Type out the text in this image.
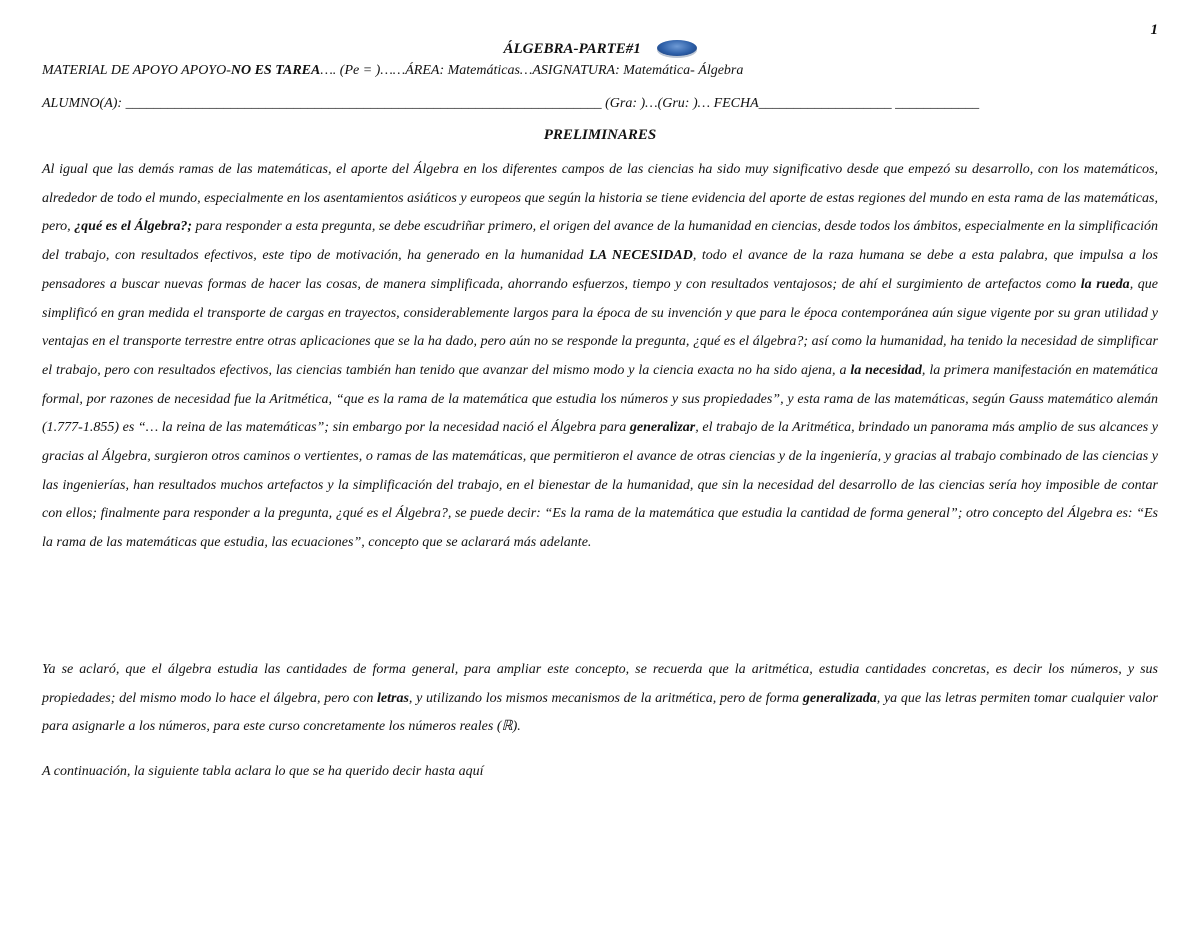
1
ÁLGEBRA-PARTE#1
MATERIAL DE APOYO APOYO-NO ES TAREA…. (Pe = )……ÁREA: Matemáticas…ASIGNATURA: Matemática- Álgebra
ALUMNO(A): ____________________________________________________________________ (Gra: )…(Gru: )… FECHA___________________ ____________
PRELIMINARES

Al igual que las demás ramas de las matemáticas, el aporte del Álgebra en los diferentes campos de las ciencias ha sido muy significativo desde que empezó su desarrollo, con los matemáticos, alrededor de todo el mundo, especialmente en los asentamientos asiáticos y europeos que según la historia se tiene evidencia del aporte de estas regiones del mundo en esta rama de las matemáticas, pero, ¿qué es el Álgebra?; para responder a esta pregunta, se debe escudriñar primero, el origen del avance de la humanidad en ciencias, desde todos los ámbitos, especialmente en la simplificación del trabajo, con resultados efectivos, este tipo de motivación, ha generado en la humanidad LA NECESIDAD, todo el avance de la raza humana se debe a esta palabra, que impulsa a los pensadores a buscar nuevas formas de hacer las cosas, de manera simplificada, ahorrando esfuerzos, tiempo y con resultados ventajosos; de ahí el surgimiento de artefactos como la rueda, que simplificó en gran medida el transporte de cargas en trayectos, considerablemente largos para la época de su invención y que para le época contemporánea aún sigue vigente por su gran utilidad y ventajas en el transporte terrestre entre otras aplicaciones que se la ha dado, pero aún no se responde la pregunta, ¿qué es el álgebra?; así como la humanidad, ha tenido la necesidad de simplificar el trabajo, pero con resultados efectivos, las ciencias también han tenido que avanzar del mismo modo y la ciencia exacta no ha sido ajena, a la necesidad, la primera manifestación en matemática formal, por razones de necesidad fue la Aritmética, “que es la rama de la matemática que estudia los números y sus propiedades”, y esta rama de las matemáticas, según Gauss matemático alemán (1.777-1.855) es “… la reina de las matemáticas”; sin embargo por la necesidad nació el Álgebra para generalizar, el trabajo de la Aritmética, brindado un panorama más amplio de sus alcances y gracias al Álgebra, surgieron otros caminos o vertientes, o ramas de las matemáticas, que permitieron el avance de otras ciencias y de la ingeniería, y gracias al trabajo combinado de las ciencias y las ingenierías, han resultados muchos artefactos y la simplificación del trabajo, en el bienestar de la humanidad, que sin la necesidad del desarrollo de las ciencias sería hoy imposible de contar con ellos; finalmente para responder a la pregunta, ¿qué es el Álgebra?, se puede decir: “Es la rama de la matemática que estudia la cantidad de forma general”; otro concepto del Álgebra es: “Es la rama de las matemáticas que estudia, las ecuaciones”, concepto que se aclarará más adelante.

Ya se aclaró, que el álgebra estudia las cantidades de forma general, para ampliar este concepto, se recuerda que la aritmética, estudia cantidades concretas, es decir los números, y sus propiedades; del mismo modo lo hace el álgebra, pero con letras, y utilizando los mismos mecanismos de la aritmética, pero de forma generalizada, ya que las letras permiten tomar cualquier valor para asignarle a los números, para este curso concretamente los números reales (ℝ).

A continuación, la siguiente tabla aclara lo que se ha querido decir hasta aquí
